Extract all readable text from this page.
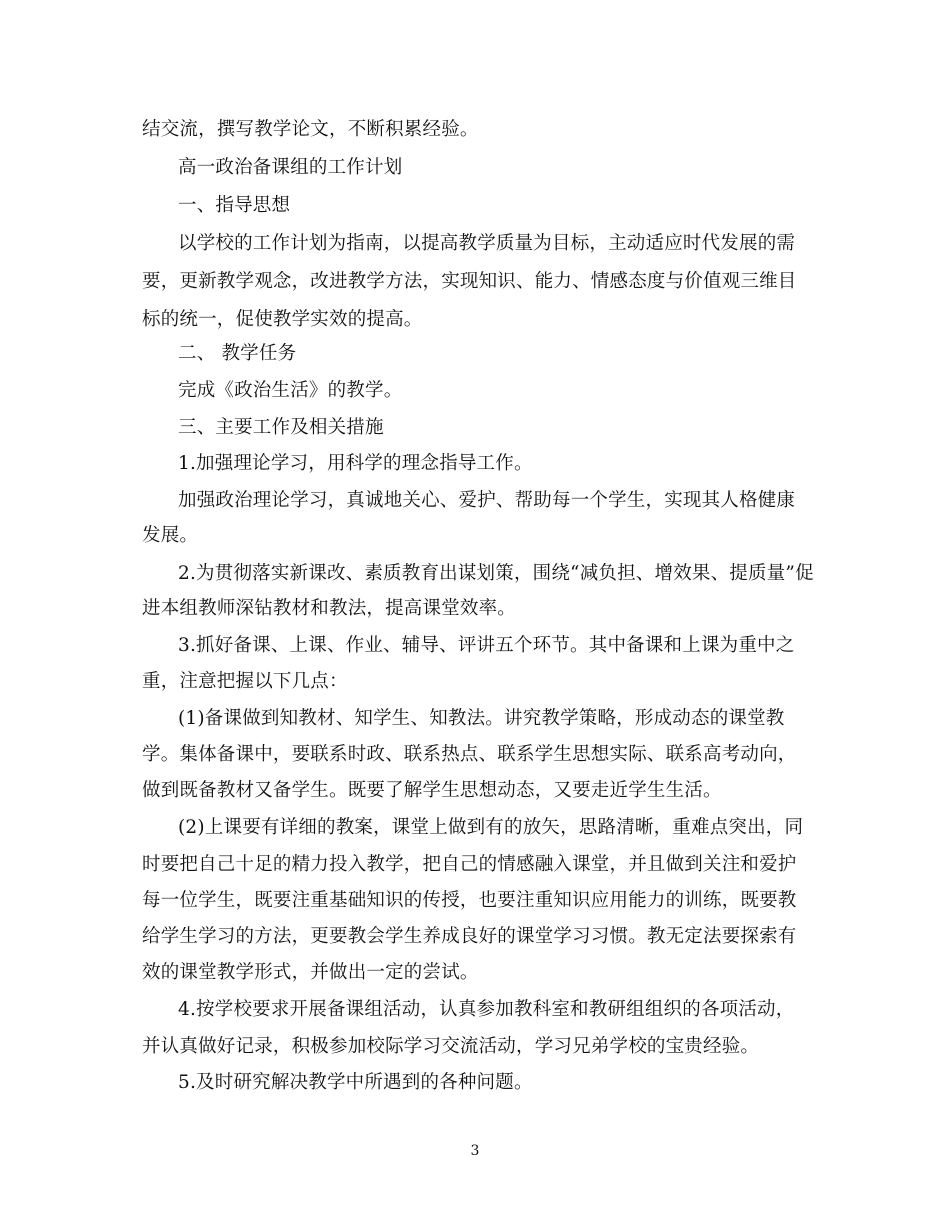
结交流，撰写教学论文，不断积累经验。
高一政治备课组的工作计划
一、指导思想
以学校的工作计划为指南，以提高教学质量为目标，主动适应时代发展的需
要，更新教学观念，改进教学方法，实现知识、能力、情感态度与价值观三维目
标的统一，促使教学实效的提高。
二、 教学任务
完成《政治生活》的教学。
三、主要工作及相关措施
1.加强理论学习，用科学的理念指导工作。
加强政治理论学习，真诚地关心、爱护、帮助每一个学生，实现其人格健康
发展。
2.为贯彻落实新课改、素质教育出谋划策，围绕“减负担、增效果、提质量”促
进本组教师深钻教材和教法，提高课堂效率。
3.抓好备课、上课、作业、辅导、评讲五个环节。其中备课和上课为重中之
重，注意把握以下几点：
(1)备课做到知教材、知学生、知教法。讲究教学策略，形成动态的课堂教
学。集体备课中，要联系时政、联系热点、联系学生思想实际、联系高考动向，
做到既备教材又备学生。既要了解学生思想动态，又要走近学生生活。
(2)上课要有详细的教案，课堂上做到有的放矢，思路清晰，重难点突出，同
时要把自己十足的精力投入教学，把自己的情感融入课堂，并且做到关注和爱护
每一位学生，既要注重基础知识的传授，也要注重知识应用能力的训练，既要教
给学生学习的方法，更要教会学生养成良好的课堂学习习惯。教无定法要探索有
效的课堂教学形式，并做出一定的尝试。
4.按学校要求开展备课组活动，认真参加教科室和教研组组织的各项活动，
并认真做好记录，积极参加校际学习交流活动，学习兄弟学校的宝贵经验。
5.及时研究解决教学中所遇到的各种问题。
3
